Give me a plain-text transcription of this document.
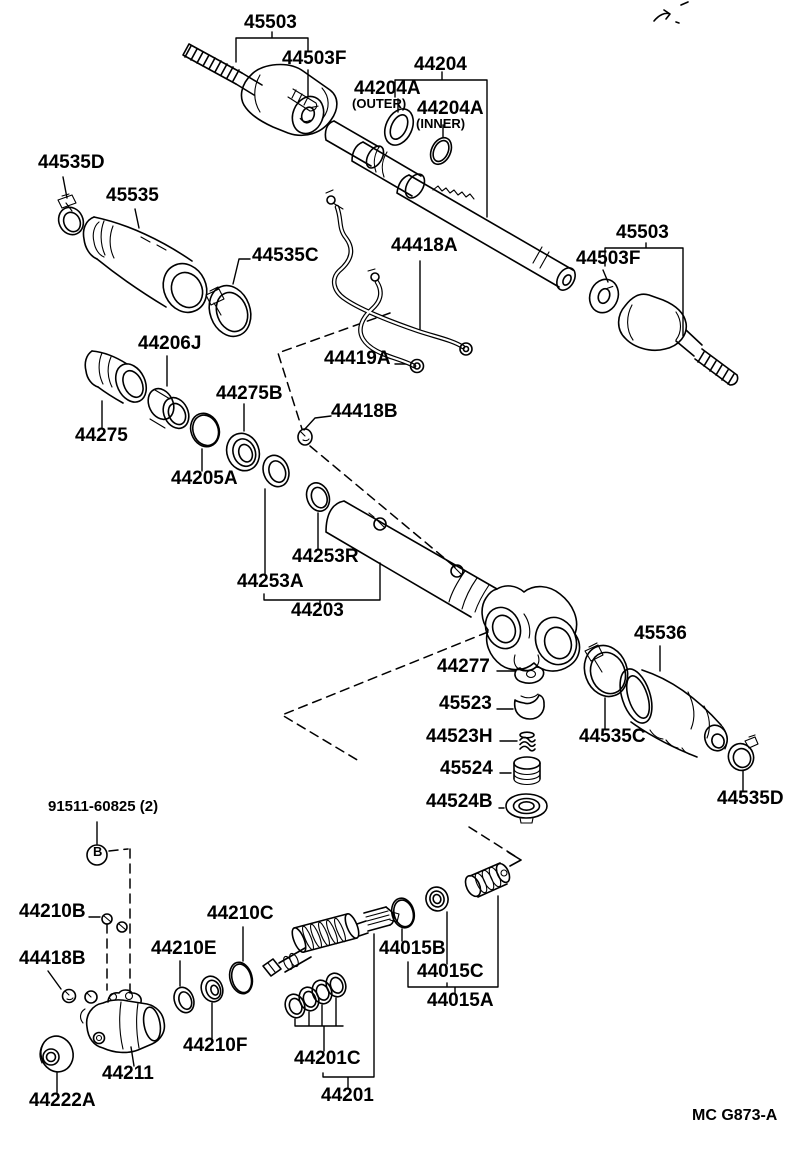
45503
44503F	44204
44204A
(OUTER) 44204A
(INNER)
44535D
45535
44418A
44535C
45503
44503F
44419A
44206J
44275B
44418B
44275
44205A
44253R
44253A
44203
45536
44277
45523
44523H	44535C
45524
44535D
44524B
91511-60825 (2)
B
44210B	44210C
44210E
44418B	44015B
44015C
44015A
44210F
44201C
44211
44201
44222A
MC G873-A
